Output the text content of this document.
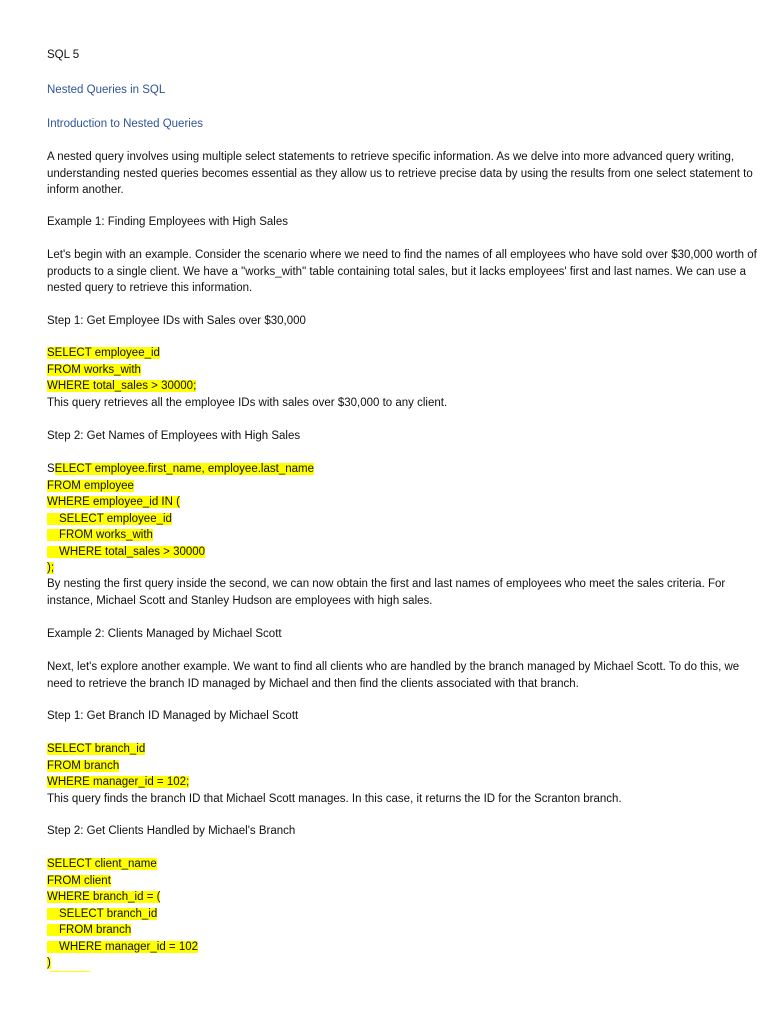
SQL 5
Nested Queries in SQL
Introduction to Nested Queries
A nested query involves using multiple select statements to retrieve specific information. As we delve into more advanced query writing, understanding nested queries becomes essential as they allow us to retrieve precise data by using the results from one select statement to inform another.
Example 1: Finding Employees with High Sales
Let's begin with an example. Consider the scenario where we need to find the names of all employees who have sold over $30,000 worth of products to a single client. We have a "works_with" table containing total sales, but it lacks employees' first and last names. We can use a nested query to retrieve this information.
Step 1: Get Employee IDs with Sales over $30,000
SELECT employee_id
FROM works_with
WHERE total_sales > 30000;
This query retrieves all the employee IDs with sales over $30,000 to any client.
Step 2: Get Names of Employees with High Sales
SELECT employee.first_name, employee.last_name
FROM employee
WHERE employee_id IN (
SELECT employee_id
FROM works_with
WHERE total_sales > 30000
);
By nesting the first query inside the second, we can now obtain the first and last names of employees who meet the sales criteria. For instance, Michael Scott and Stanley Hudson are employees with high sales.
Example 2: Clients Managed by Michael Scott
Next, let's explore another example. We want to find all clients who are handled by the branch managed by Michael Scott. To do this, we need to retrieve the branch ID managed by Michael and then find the clients associated with that branch.
Step 1: Get Branch ID Managed by Michael Scott
SELECT branch_id
FROM branch
WHERE manager_id = 102;
This query finds the branch ID that Michael Scott manages. In this case, it returns the ID for the Scranton branch.
Step 2: Get Clients Handled by Michael's Branch
SELECT client_name
FROM client
WHERE branch_id = (
SELECT branch_id
FROM branch
WHERE manager_id = 102
)
